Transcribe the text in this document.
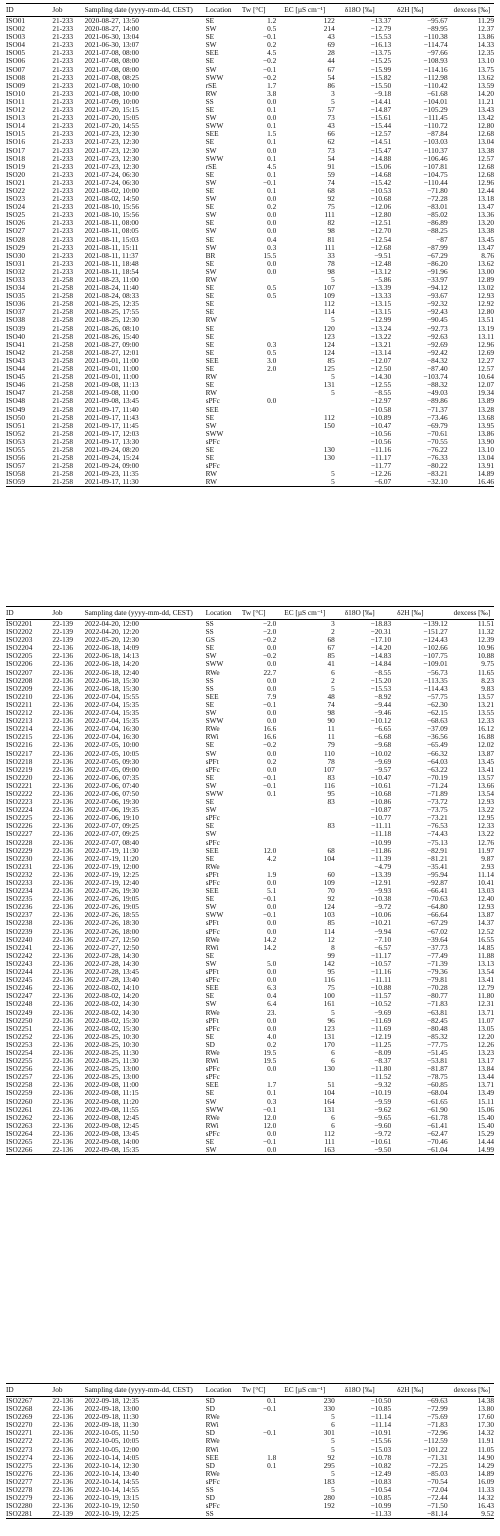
ID	Job	Sampling date (yyyy-mm-dd, CEST)	Location	Tw [°C]	EC [µS cm⁻¹]	δ18O [‰]	δ2H [‰]	dexcess [‰]
ISO01	21-233	2020-08-27, 13:50	SE	1.2	122	−13.37	−95.67	11.29
ISO02	21-233	2020-08-27, 14:00	SW	0.5	214	−12.79	−89.95	12.37
ISO03	21-233	2021-06-30, 13:04	SE	−0.1	43	−15.53	−110.38	13.86
ISO04	21-233	2021-06-30, 13:07	SW	0.2	69	−16.13	−114.74	14.33
ISO05	21-233	2021-07-08, 08:00	SEE	4.5	28	−13.75	−97.66	12.35
ISO06	21-233	2021-07-08, 08:00	SE	−0.2	44	−15.25	−108.93	13.10
ISO07	21-233	2021-07-08, 08:00	SW	−0.1	67	−15.99	−114.16	13.75
ISO08	21-233	2021-07-08, 08:25	SWW	−0.2	54	−15.82	−112.98	13.62
ISO09	21-233	2021-07-08, 10:00	rSE	1.7	86	−15.50	−110.42	13.59
ISO10	21-233	2021-07-08, 10:00	RW	3.8	3	−9.18	−61.68	14.20
ISO11	21-233	2021-07-09, 10:00	SS	0.0	5	−14.41	−104.01	11.21
ISO12	21-233	2021-07-20, 15:15	SE	0.1	57	−14.87	−105.29	13.43
ISO13	21-233	2021-07-20, 15:05	SW	0.0	73	−15.61	−111.45	13.42
ISO14	21-233	2021-07-20, 14:55	SWW	0.1	43	−15.44	−110.72	12.80
ISO15	21-233	2021-07-23, 12:30	SEE	1.5	66	−12.57	−87.84	12.68
ISO16	21-233	2021-07-23, 12:30	SE	0.1	62	−14.51	−103.03	13.04
ISO17	21-233	2021-07-23, 12:30	SW	0.0	73	−15.47	−110.37	13.38
ISO18	21-233	2021-07-23, 12:30	SWW	0.1	54	−14.88	−106.46	12.57
ISO19	21-233	2021-07-23, 12:30	rSE	4.5	91	−15.06	−107.81	12.68
ISO20	21-233	2021-07-24, 06:30	SE	0.1	59	−14.68	−104.75	12.68
ISO21	21-233	2021-07-24, 06:30	SW	−0.1	74	−15.42	−110.44	12.96
ISO22	21-233	2021-08-02, 10:00	SE	0.1	68	−10.53	−71.80	12.44
ISO23	21-233	2021-08-02, 14:50	SW	0.0	92	−10.68	−72.28	13.18
ISO24	21-233	2021-08-10, 15:56	SE	0.2	75	−12.06	−83.01	13.47
ISO25	21-233	2021-08-10, 15:56	SW	0.0	111	−12.80	−85.02	13.36
ISO26	21-233	2021-08-11, 08:00	SE	0.0	82	−12.51	−86.89	13.20
ISO27	21-233	2021-08-11, 08:05	SW	0.0	98	−12.70	−88.25	13.38
ISO28	21-233	2021-08-11, 15:03	SE	0.4	81	−12.54	−87	13.45
ISO29	21-233	2021-08-11, 15:11	SW	0.3	111	−12.68	−87.99	13.47
ISO30	21-233	2021-08-11, 11:37	BR	15.5	33	−9.51	−67.29	8.76
ISO31	21-233	2021-08-11, 18:48	SE	0.0	78	−12.48	−86.20	13.62
ISO32	21-233	2021-08-11, 18:54	SW	0.0	98	−13.12	−91.96	13.00
ISO33	21-258	2021-08-23, 11:00	RW		5	−5.86	−33.97	12.89
ISO34	21-258	2021-08-24, 11:40	SE	0.5	107	−13.39	−94.12	13.02
ISO35	21-258	2021-08-24, 08:33	SE	0.5	109	−13.33	−93.67	12.93
ISO36	21-258	2021-08-25, 12:35	SE		112	−13.15	−92.32	12.92
ISO37	21-258	2021-08-25, 17:55	SE		114	−13.15	−92.43	12.80
ISO38	21-258	2021-08-25, 12:30	RW		5	−12.99	−90.45	13.51
ISO39	21-258	2021-08-26, 08:10	SE		120	−13.24	−92.73	13.19
ISO40	21-258	2021-08-26, 15:40	SE		123	−13.22	−92.63	13.11
ISO41	21-258	2021-08-27, 09:00	SE	0.3	124	−13.21	−92.69	12.96
ISO42	21-258	2021-08-27, 12:01	SE	0.5	124	−13.14	−92.42	12.69
ISO43	21-258	2021-09-01, 11:00	SEE	3.0	85	−12.07	−84.32	12.27
ISO44	21-258	2021-09-01, 11:00	SE	2.0	125	−12.50	−87.40	12.57
ISO45	21-258	2021-09-01, 11:00	RW		5	−14.30	−103.74	10.64
ISO46	21-258	2021-09-08, 11:13	SE		131	−12.55	−88.32	12.07
ISO47	21-258	2021-09-08, 11:00	RW		5	−8.55	−49.03	19.34
ISO48	21-258	2021-09-08, 13:45	sPFc	0.0		−12.97	−89.86	13.89
ISO49	21-258	2021-09-17, 11:40	SEE			−10.58	−71.37	13.28
ISO50	21-258	2021-09-17, 11:43	SE		112	−10.89	−73.46	13.68
ISO51	21-258	2021-09-17, 11:45	SW		150	−10.47	−69.79	13.95
ISO52	21-258	2021-09-17, 12:03	SWW			−10.56	−70.61	13.86
ISO53	21-258	2021-09-17, 13:30	sPFc			−10.56	−70.55	13.90
ISO55	21-258	2021-09-24, 08:20	SE		130	−11.16	−76.22	13.10
ISO56	21-258	2021-09-24, 15:24	SE		130	−11.17	−76.33	13.04
ISO57	21-258	2021-09-24, 09:00	sPFc			−11.77	−80.22	13.91
ISO58	21-258	2021-09-23, 11:35	RW		5	−12.26	−83.21	14.89
ISO59	21-258	2021-09-17, 11:30	RW		5	−6.07	−32.10	16.46
ID	Job	Sampling date (yyyy-mm-dd, CEST)	Location	Tw [°C]	EC [µS cm⁻¹]	δ18O [‰]	δ2H [‰]	dexcess [‰]
ISO2201	22-139	2022-04-20, 12:00	SS	−2.0	3	−18.83	−139.12	11.51
ISO2202	22-139	2022-04-20, 12:20	SS	−2.0	2	−20.31	−151.27	11.32
ISO2203	22-139	2022-05-20, 12:30	GS	−0.2	68	−17.10	−124.43	12.39
ISO2204	22-136	2022-06-18, 14:09	SE	0.0	67	−14.20	−102.66	10.96
ISO2205	22-136	2022-06-18, 14:13	SW	−0.2	85	−14.83	−107.75	10.88
ISO2206	22-136	2022-06-18, 14:20	SWW	0.0	41	−14.84	−109.01	9.75
ISO2207	22-136	2022-06-18, 12:40	RWe	22.7	6	−8.55	−56.73	11.65
ISO2208	22-136	2022-06-18, 15:30	SS	0.0	2	−15.20	−113.35	8.23
ISO2209	22-136	2022-06-18, 15:30	SS	0.0	5	−15.53	−114.43	9.83
ISO2210	22-136	2022-07-04, 15:55	SEE	7.9	48	−8.92	−57.75	13.57
ISO2211	22-136	2022-07-04, 15:35	SE	−0.1	74	−9.44	−62.30	13.21
ISO2212	22-136	2022-07-04, 15:35	SW	0.0	98	−9.46	−62.15	13.55
ISO2213	22-136	2022-07-04, 15:35	SWW	0.0	90	−10.12	−68.63	12.33
ISO2214	22-136	2022-07-04, 16:30	RWe	16.6	11	−6.65	−37.09	16.12
ISO2215	22-136	2022-07-04, 16:30	RWi	16.6	11	−6.68	−36.56	16.88
ISO2216	22-136	2022-07-05, 10:00	SE	−0.2	79	−9.68	−65.49	12.02
ISO2217	22-136	2022-07-05, 10:05	SW	0.0	110	−10.02	−66.32	13.87
ISO2218	22-136	2022-07-05, 09:30	sPFt	0.2	78	−9.69	−64.03	13.45
ISO2219	22-136	2022-07-05, 09:00	sPFc	0.0	107	−9.57	−63.22	13.41
ISO2220	22-136	2022-07-06, 07:35	SE	−0.1	83	−10.47	−70.19	13.57
ISO2221	22-136	2022-07-06, 07:40	SW	−0.1	116	−10.61	−71.24	13.66
ISO2222	22-136	2022-07-06, 07:50	SWW	0.1	95	−10.68	−71.89	13.54
ISO2223	22-136	2022-07-06, 19:30	SE		83	−10.86	−73.72	12.93
ISO2224	22-136	2022-07-06, 19:35	SW			−10.87	−73.75	13.22
ISO2225	22-136	2022-07-06, 19:10	sPFc			−10.77	−73.21	12.95
ISO2226	22-136	2022-07-07, 09:25	SE		83	−11.11	−76.53	12.33
ISO2227	22-136	2022-07-07, 09:25	SW			−11.18	−74.43	13.22
ISO2228	22-136	2022-07-07, 08:40	sPFc			−10.99	−75.13	12.76
ISO2229	22-136	2022-07-19, 11:30	SEE	12.0	68	−11.86	−82.91	11.97
ISO2230	22-136	2022-07-19, 11:20	SE	4.2	104	−11.39	−81.21	9.87
ISO2231	22-136	2022-07-19, 12:00	RWe			−4.79	−35.41	2.93
ISO2232	22-136	2022-07-19, 12:25	sPFt	1.9	60	−13.39	−95.94	11.14
ISO2233	22-136	2022-07-19, 12:40	sPFc	0.0	109	−12.91	−92.87	10.41
ISO2234	22-136	2022-07-26, 19:30	SEE	5.1	70	−9.93	−66.41	13.03
ISO2235	22-136	2022-07-26, 19:05	SE	−0.1	92	−10.38	−70.63	12.40
ISO2236	22-136	2022-07-26, 19:05	SW	0.0	124	−9.72	−64.80	12.93
ISO2237	22-136	2022-07-26, 18:55	SWW	−0.1	103	−10.06	−66.64	13.87
ISO2238	22-136	2022-07-26, 18:30	sPFt	0.0	85	−10.21	−67.29	14.37
ISO2239	22-136	2022-07-26, 18:00	sPFc	0.0	114	−9.94	−67.02	12.52
ISO2240	22-136	2022-07-27, 12:50	RWe	14.2	12	−7.10	−39.64	16.55
ISO2241	22-136	2022-07-27, 12:50	RWi	14.2	8	−6.57	−37.73	14.85
ISO2242	22-136	2022-07-28, 14:30	SE		99	−11.17	−77.49	11.88
ISO2243	22-136	2022-07-28, 14:30	SW	5.0	142	−10.57	−71.39	13.13
ISO2244	22-136	2022-07-28, 13:45	sPFt	0.0	95	−11.16	−79.36	13.54
ISO2245	22-136	2022-07-28, 13:40	sPFc	0.0	116	−11.11	−79.81	13.41
ISO2246	22-136	2022-08-02, 14:10	SEE	6.3	75	−10.88	−70.28	12.79
ISO2247	22-136	2022-08-02, 14:20	SE	0.4	100	−11.57	−80.77	11.80
ISO2248	22-136	2022-08-02, 14:30	SW	6.4	161	−10.52	−71.83	12.31
ISO2249	22-136	2022-08-02, 14:30	RWe	23.	5	−9.69	−63.81	13.71
ISO2250	22-136	2022-08-02, 15:30	sPFt	0.0	96	−11.69	−82.45	11.07
ISO2251	22-136	2022-08-02, 15:30	sPFc	0.0	123	−11.69	−80.48	13.05
ISO2252	22-136	2022-08-25, 10:30	SE	4.0	131	−12.19	−85.32	12.20
ISO2253	22-136	2022-08-25, 10:30	SD	0.2	170	−11.25	−77.75	12.26
ISO2254	22-136	2022-08-25, 11:30	RWe	19.5	6	−8.09	−51.45	13.23
ISO2255	22-136	2022-08-25, 11:30	RWi	19.5	6	−8.37	−53.81	13.17
ISO2256	22-136	2022-08-25, 13:00	sPFc	0.0	130	−11.80	−81.87	13.84
ISO2257	22-136	2022-08-25, 13:00	sPFc			−11.52	−78.75	13.44
ISO2258	22-136	2022-09-08, 11:00	SEE	1.7	51	−9.32	−60.85	13.71
ISO2259	22-136	2022-09-08, 11:15	SE	0.1	104	−10.19	−68.04	13.49
ISO2260	22-136	2022-09-08, 11:20	SW	0.3	164	−9.59	−61.65	15.11
ISO2261	22-136	2022-09-08, 11:55	SWW	−0.1	131	−9.62	−61.90	15.06
ISO2262	22-136	2022-09-08, 12:45	RWe	12.0	6	−9.65	−61.78	15.40
ISO2263	22-136	2022-09-08, 12:45	RWi	12.0	6	−9.60	−61.41	15.40
ISO2264	22-136	2022-09-08, 13:45	sPFc	0.0	112	−9.72	−62.47	15.29
ISO2265	22-136	2022-09-08, 14:00	SE	−0.1	111	−10.61	−70.46	14.44
ISO2266	22-136	2022-09-08, 15:35	SW	0.0	163	−9.50	−61.04	14.99
ID	Job	Sampling date (yyyy-mm-dd, CEST)	Location	Tw [°C]	EC [µS cm⁻¹]	δ18O [‰]	δ2H [‰]	dexcess [‰]
ISO2267	22-136	2022-09-18, 12:35	SD	0.1	230	−10.50	−69.63	14.38
ISO2268	22-136	2022-09-18, 13:00	SD	−0.1	330	−10.85	−72.99	13.80
ISO2269	22-136	2022-09-18, 11:30	RWe		5	−11.14	−75.69	17.60
ISO2270	22-136	2022-09-18, 11:30	RWi		6	−11.14	−71.83	17.30
ISO2271	22-136	2022-10-05, 11:50	SD	−0.1	301	−10.91	−72.96	14.32
ISO2272	22-136	2022-10-05, 10:05	RWe		5	−15.56	−112.59	11.91
ISO2273	22-136	2022-10-05, 12:00	RWi		5	−15.03	−101.22	11.05
ISO2274	22-136	2022-10-14, 14:05	SEE	1.8	92	−10.78	−71.31	14.90
ISO2275	22-136	2022-10-14, 12:30	SD	0.1	295	−10.82	−72.25	14.29
ISO2276	22-136	2022-10-14, 13:40	RWe		5	−12.49	−85.03	14.89
ISO2277	22-136	2022-10-14, 14:55	sPFc		183	−10.83	−70.54	16.09
ISO2278	22-136	2022-10-14, 14:55	SS		5	−10.54	−72.04	11.33
ISO2279	22-136	2022-10-19, 13:15	SD		280	−10.85	−72.44	14.32
ISO2280	22-136	2022-10-19, 12:50	sPFc		192	−10.99	−71.50	16.43
ISO2281	22-139	2022-10-19, 12:25	SS			−11.33	−81.14	9.52
